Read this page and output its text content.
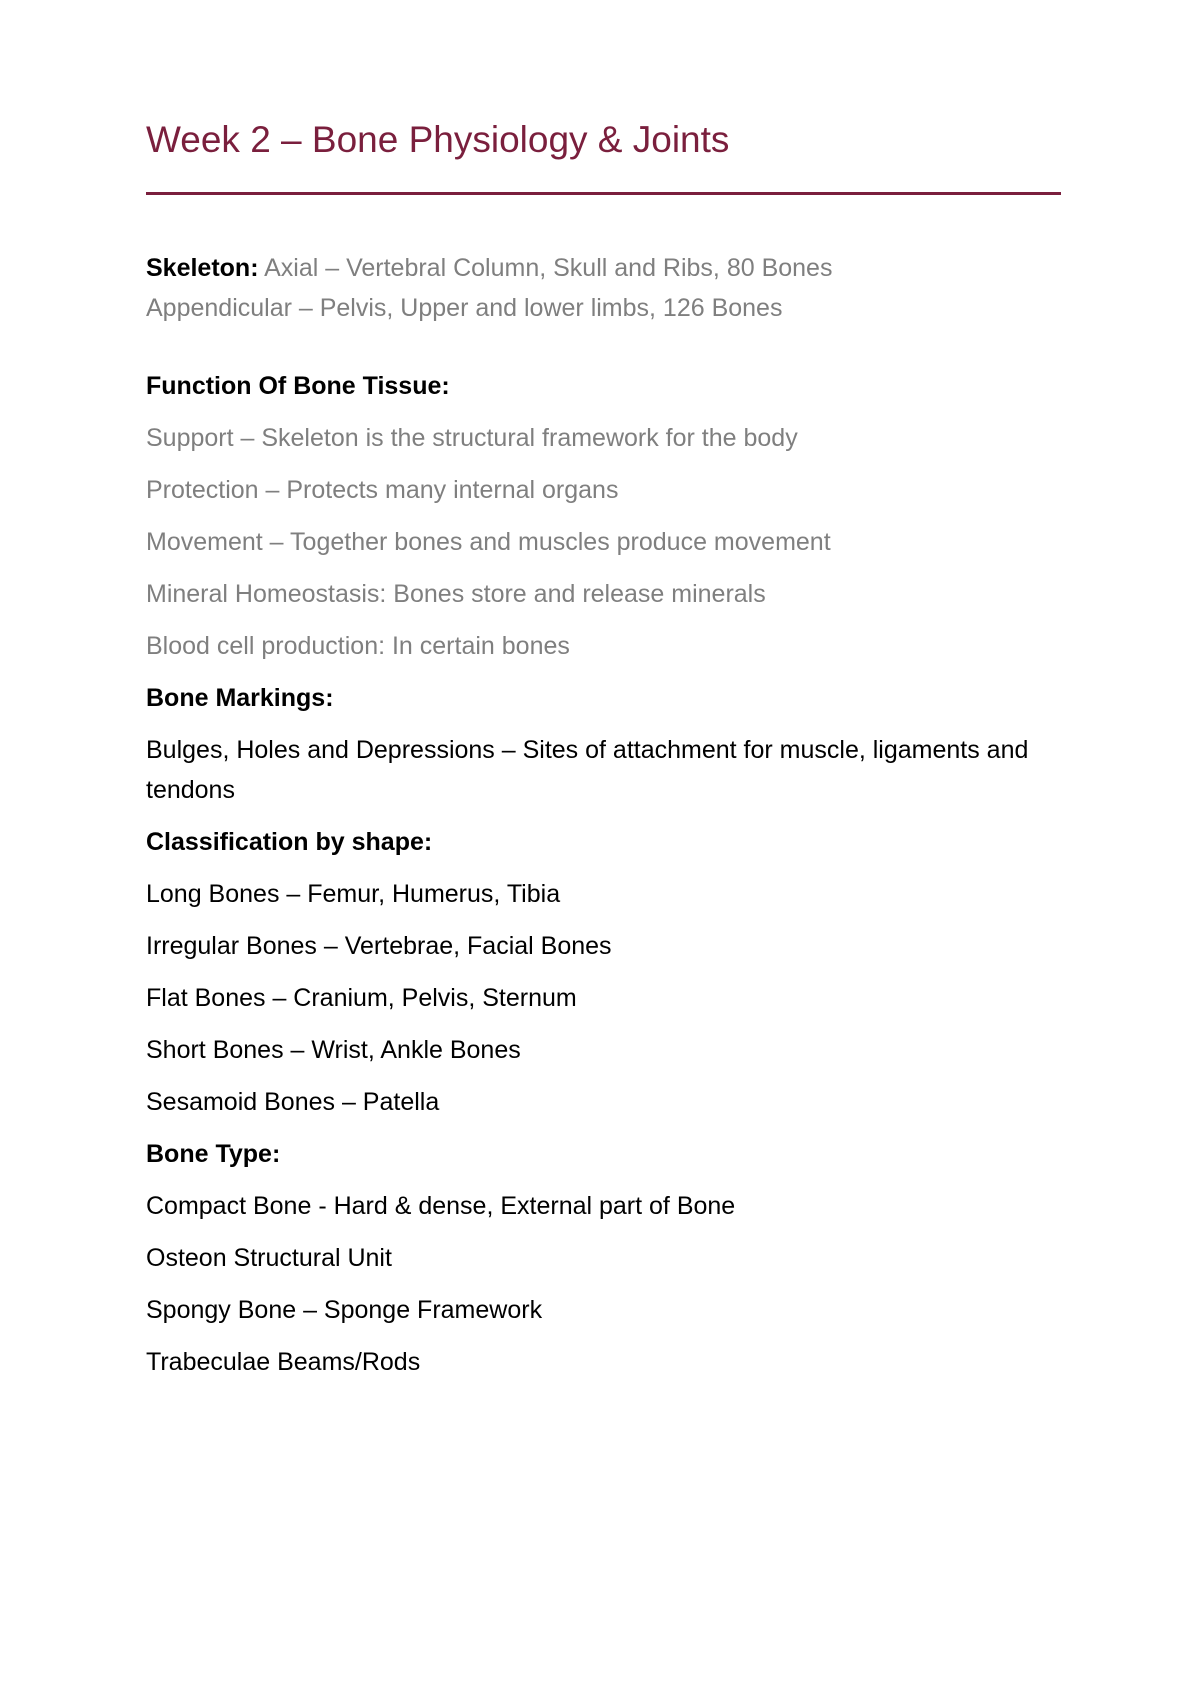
Week 2 – Bone Physiology & Joints

Skeleton: Axial – Vertebral Column, Skull and Ribs, 80 Bones

Appendicular – Pelvis, Upper and lower limbs, 126 Bones

Function Of Bone Tissue:

Support – Skeleton is the structural framework for the body

Protection – Protects many internal organs

Movement – Together bones and muscles produce movement

Mineral Homeostasis: Bones store and release minerals

Blood cell production: In certain bones

Bone Markings:

Bulges, Holes and Depressions – Sites of attachment for muscle, ligaments and tendons

Classification by shape:

Long Bones – Femur, Humerus, Tibia

Irregular Bones – Vertebrae, Facial Bones

Flat Bones – Cranium, Pelvis, Sternum

Short Bones – Wrist, Ankle Bones

Sesamoid Bones – Patella

Bone Type:

Compact Bone - Hard & dense, External part of Bone

Osteon Structural Unit

Spongy Bone – Sponge Framework

Trabeculae Beams/Rods
